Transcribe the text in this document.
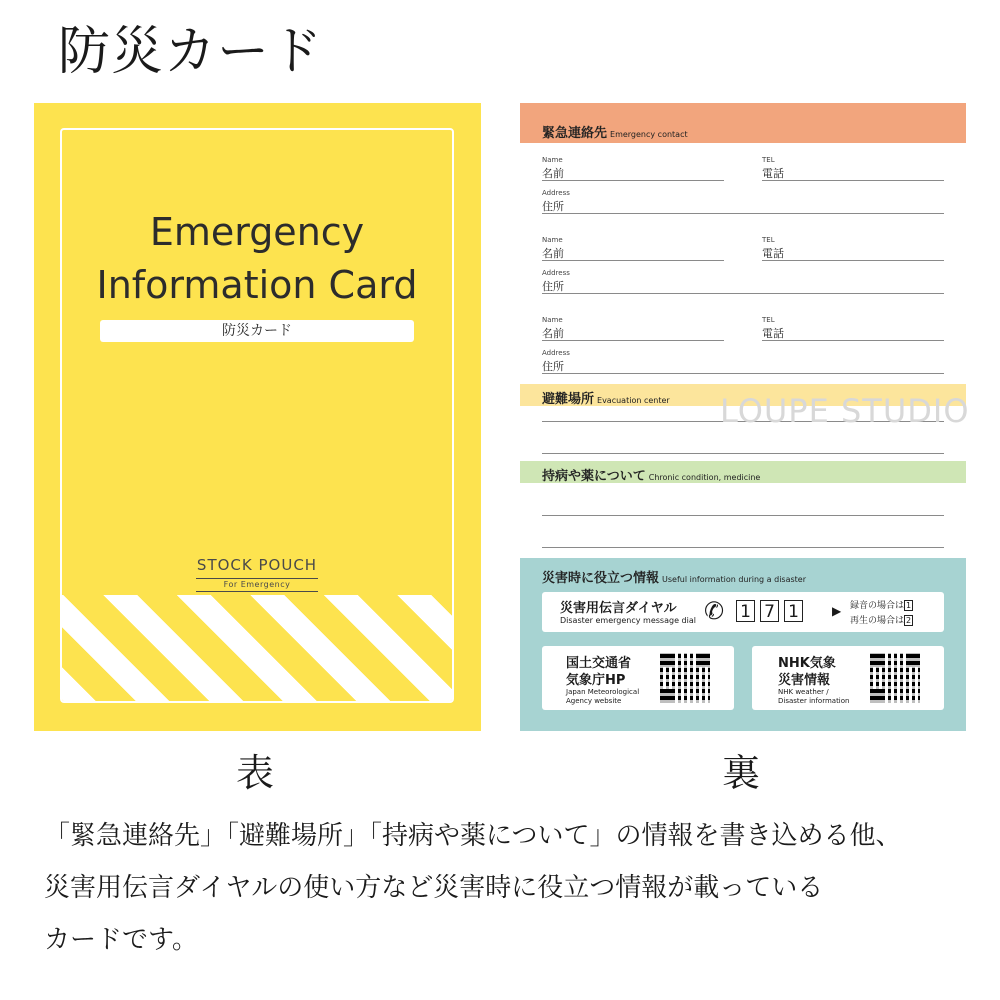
防災カード
Emergency
Information Card
防災カード
STOCK POUCH
For Emergency
緊急連絡先 Emergency contact
Name
名前
TEL
電話
Address
住所
Name
名前
TEL
電話
Address
住所
Name
名前
TEL
電話
Address
住所
避難場所 Evacuation center
持病や薬について Chronic condition, medicine
災害時に役立つ情報 Useful information during a disaster
災害用伝言ダイヤル
Disaster emergency message dial ✆ 1 7 1	▶ 録音の場合は 1
再生の場合は 2
国土交通省
気象庁HP
Japan Meteorological
Agency website
NHK気象
災害情報
NHK weather /
Disaster information
LOUPE STUDIO
表	裏
「緊急連絡先」「避難場所」「持病や薬について」の情報を書き込める他、
災害用伝言ダイヤルの使い方など災害時に役立つ情報が載っている
カードです。
